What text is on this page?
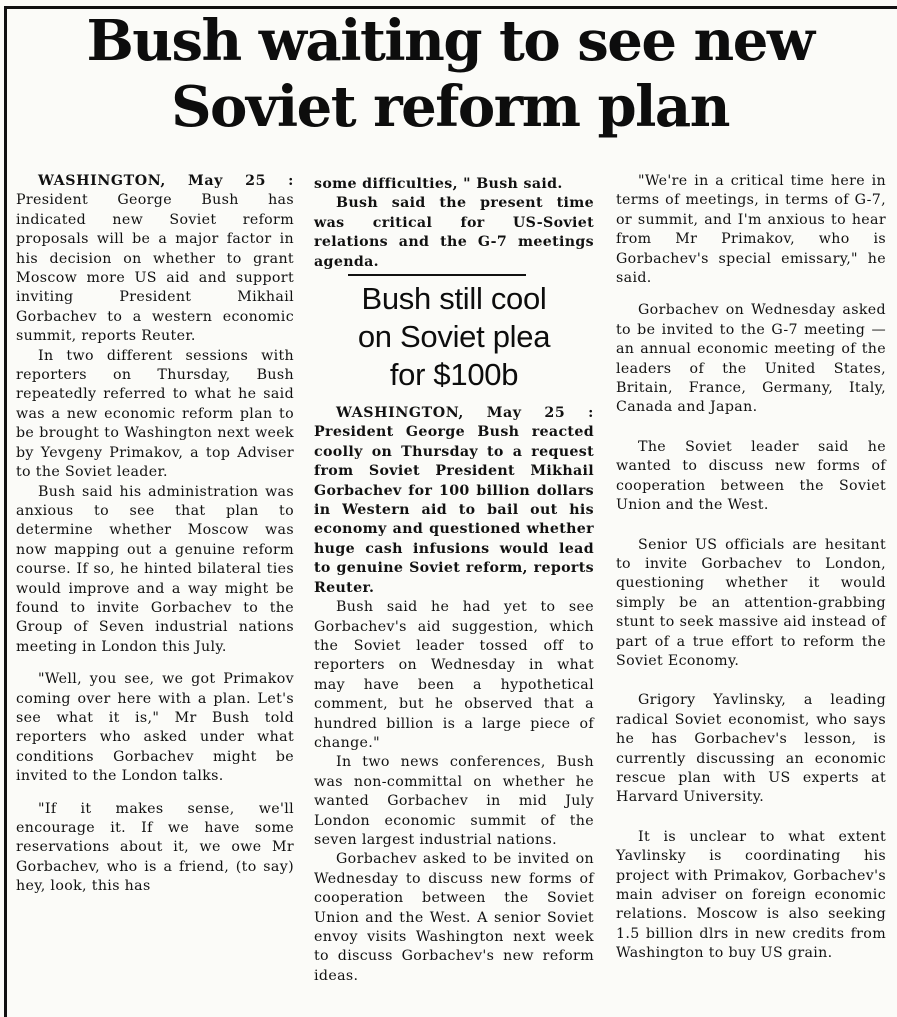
Bush waiting to see new
Soviet reform plan

WASHINGTON, May 25 : President George Bush has indicated new Soviet reform proposals will be a major factor in his decision on whether to grant Moscow more US aid and support inviting President Mikhail Gorbachev to a western economic summit, reports Reuter.

In two different sessions with reporters on Thursday, Bush repeatedly referred to what he said was a new economic reform plan to be brought to Washington next week by Yevgeny Primakov, a top Adviser to the Soviet leader.

Bush said his administration was anxious to see that plan to determine whether Moscow was now mapping out a genuine reform course. If so, he hinted bilateral ties would improve and a way might be found to invite Gorbachev to the Group of Seven industrial nations meeting in London this July.

"Well, you see, we got Primakov coming over here with a plan. Let's see what it is," Mr Bush told reporters who asked under what conditions Gorbachev might be invited to the London talks.

"If it makes sense, we'll encourage it. If we have some reservations about it, we owe Mr Gorbachev, who is a friend, (to say) hey, look, this has

some difficulties, " Bush said.

Bush said the present time was critical for US-Soviet relations and the G-7 meetings agenda.

Bush still cool
on Soviet plea
for $100b

WASHINGTON, May 25 : President George Bush reacted coolly on Thursday to a request from Soviet President Mikhail Gorbachev for 100 billion dollars in Western aid to bail out his economy and questioned whether huge cash infusions would lead to genuine Soviet reform, reports Reuter.

Bush said he had yet to see Gorbachev's aid suggestion, which the Soviet leader tossed off to reporters on Wednesday in what may have been a hypothetical comment, but he observed that a hundred billion is a large piece of change."

In two news conferences, Bush was non-committal on whether he wanted Gorbachev in mid July London economic summit of the seven largest industrial nations.

Gorbachev asked to be invited on Wednesday to discuss new forms of cooperation between the Soviet Union and the West. A senior Soviet envoy visits Washington next week to discuss Gorbachev's new reform ideas.

"We're in a critical time here in terms of meetings, in terms of G-7, or summit, and I'm anxious to hear from Mr Primakov, who is Gorbachev's special emissary," he said.

Gorbachev on Wednesday asked to be invited to the G-7 meeting — an annual economic meeting of the leaders of the United States, Britain, France, Germany, Italy, Canada and Japan.

The Soviet leader said he wanted to discuss new forms of cooperation between the Soviet Union and the West.

Senior US officials are hesitant to invite Gorbachev to London, questioning whether it would simply be an attention-grabbing stunt to seek massive aid instead of part of a true effort to reform the Soviet Economy.

Grigory Yavlinsky, a leading radical Soviet economist, who says he has Gorbachev's lesson, is currently discussing an economic rescue plan with US experts at Harvard University.

It is unclear to what extent Yavlinsky is coordinating his project with Primakov, Gorbachev's main adviser on foreign economic relations. Moscow is also seeking 1.5 billion dlrs in new credits from Washington to buy US grain.
